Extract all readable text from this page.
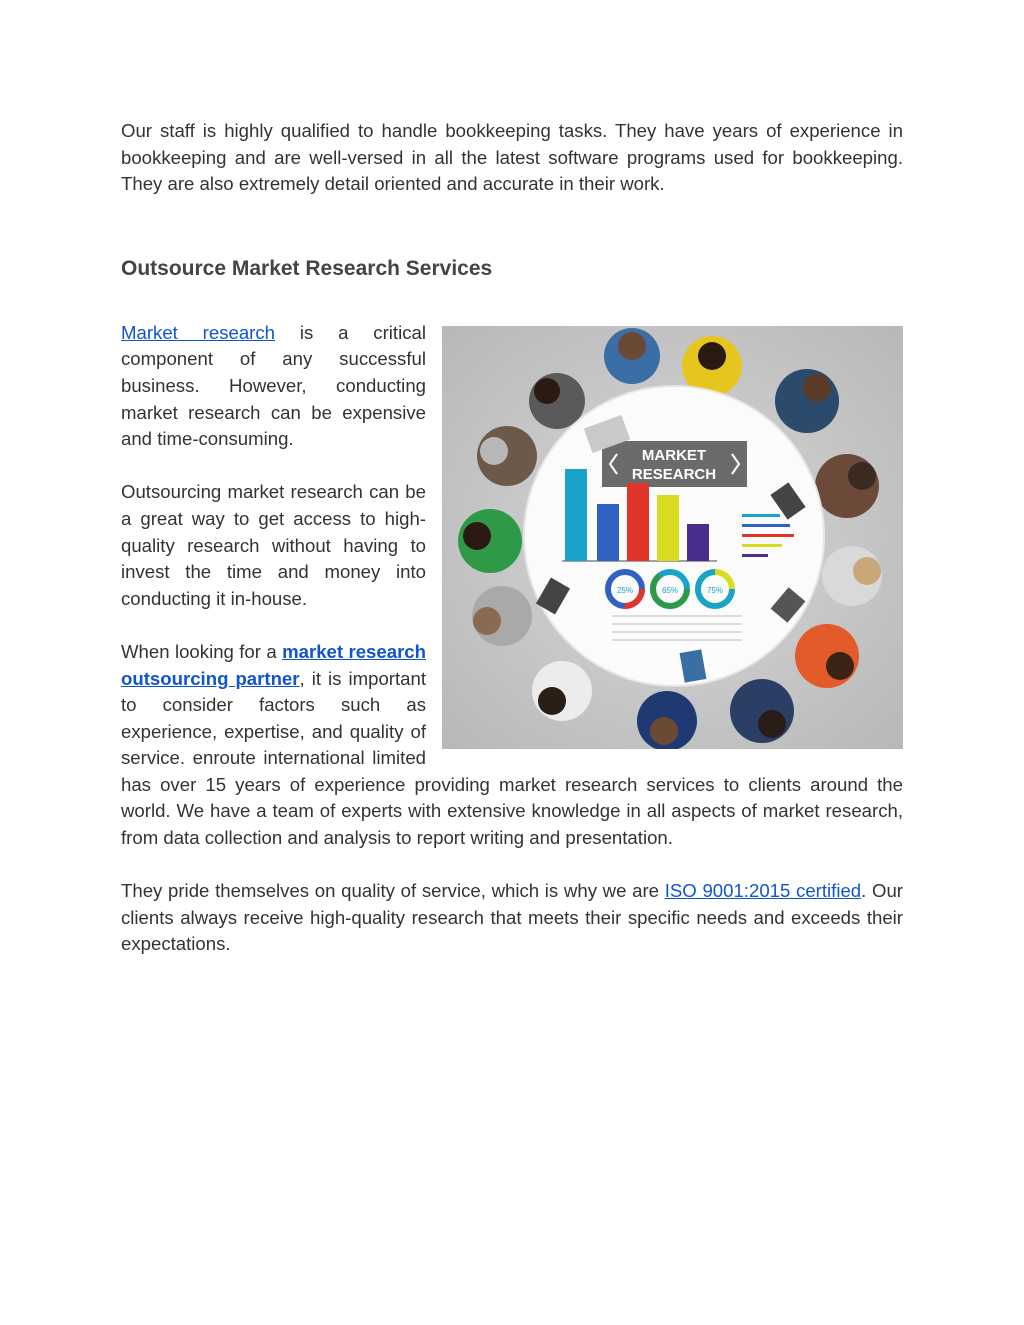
Our staff is highly qualified to handle bookkeeping tasks. They have years of experience in bookkeeping and are well-versed in all the latest software programs used for bookkeeping. They are also extremely detail oriented and accurate in their work.

Outsource Market Research Services
MARKET
RESEARCH
25%	65%	75%

Market research is a critical component of any successful business. However, conducting market research can be expensive and time-consuming.

Outsourcing market research can be a great way to get access to high-quality research without having to invest the time and money into conducting it in-house.

When looking for a market research outsourcing partner, it is important to consider factors such as experience, expertise, and quality of service. enroute international limited has over 15 years of experience providing market research services to clients around the world. We have a team of experts with extensive knowledge in all aspects of market research, from data collection and analysis to report writing and presentation.

They pride themselves on quality of service, which is why we are ISO 9001:2015 certified. Our clients always receive high-quality research that meets their specific needs and exceeds their expectations.
